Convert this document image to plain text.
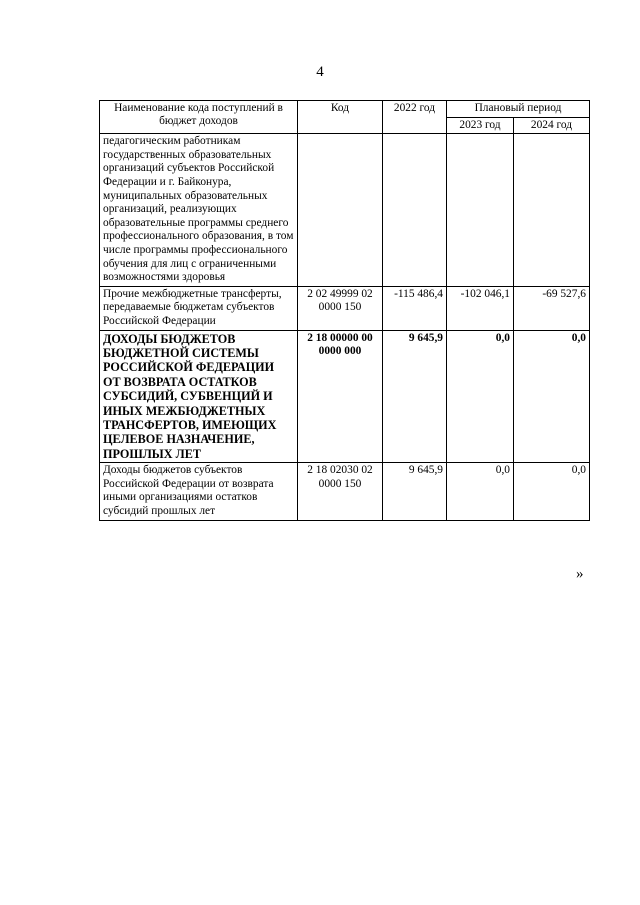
4
Наименование кода поступлений в бюджет доходов	Код	2022 год	Плановый период	
			2023 год	2024 год
педагогическим работникам государственных образовательных организаций субъектов Российской Федерации и г. Байконура, муниципальных образовательных организаций, реализующих образовательные программы среднего профессионального образования, в том числе программы профессионального обучения для лиц с ограниченными возможностями здоровья				
Прочие межбюджетные трансферты, передаваемые бюджетам субъектов Российской Федерации	2 02 49999 02 0000 150	-115 486,4	-102 046,1	-69 527,6
ДОХОДЫ БЮДЖЕТОВ БЮДЖЕТНОЙ СИСТЕМЫ РОССИЙСКОЙ ФЕДЕРАЦИИ ОТ ВОЗВРАТА ОСТАТКОВ СУБСИДИЙ, СУБВЕНЦИЙ И ИНЫХ МЕЖБЮДЖЕТНЫХ ТРАНСФЕРТОВ, ИМЕЮЩИХ ЦЕЛЕВОЕ НАЗНАЧЕНИЕ, ПРОШЛЫХ ЛЕТ	2 18 00000 00 0000 000	9 645,9	0,0	0,0
Доходы бюджетов субъектов Российской Федерации от возврата иными организациями остатков субсидий прошлых лет	2 18 02030 02 0000 150	9 645,9	0,0	0,0
»
